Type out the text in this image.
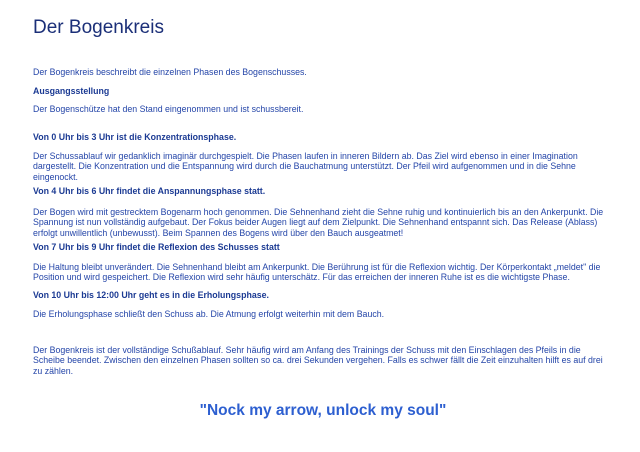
Der Bogenkreis

Der Bogenkreis beschreibt die einzelnen Phasen des Bogenschusses.

Ausgangsstellung

Der Bogenschütze hat den Stand eingenommen und ist schussbereit.

Von 0 Uhr bis 3 Uhr ist die Konzentrationsphase.

Der Schussablauf wir gedanklich imaginär durchgespielt. Die Phasen laufen in inneren Bildern ab. Das Ziel wird ebenso in einer Imagination dargestellt. Die Konzentration und die Entspannung wird durch die Bauchatmung unterstützt. Der Pfeil wird aufgenommen und in die Sehne eingenockt.

Von 4 Uhr bis 6 Uhr findet die Anspannungsphase statt.

Der Bogen wird mit gestrecktem Bogenarm hoch genommen. Die Sehnenhand zieht die Sehne ruhig und kontinuierlich bis an den Ankerpunkt. Die Spannung ist nun vollständig aufgebaut. Der Fokus beider Augen liegt auf dem Zielpunkt. Die Sehnenhand entspannt sich. Das Release (Ablass) erfolgt unwillentlich (unbewusst). Beim Spannen des Bogens wird über den Bauch ausgeatmet!

Von 7 Uhr bis 9 Uhr findet die Reflexion des Schusses statt

Die Haltung bleibt unverändert. Die Sehnenhand bleibt am Ankerpunkt. Die Berührung ist für die Reflexion wichtig. Der Körperkontakt „meldet" die Position und wird gespeichert. Die Reflexion wird sehr häufig unterschätz. Für das erreichen der inneren Ruhe ist es die wichtigste Phase.

Von 10 Uhr bis 12:00 Uhr geht es in die Erholungsphase.

Die Erholungsphase schließt den Schuss ab. Die Atmung erfolgt weiterhin mit dem Bauch.

Der Bogenkreis ist der vollständige Schußablauf. Sehr häufig wird am Anfang des Trainings der Schuss mit den Einschlagen des Pfeils in die Scheibe beendet. Zwischen den einzelnen Phasen sollten so ca. drei Sekunden vergehen. Falls es schwer fällt die Zeit einzuhalten hilft es auf drei zu zählen.

"Nock my arrow, unlock my soul"
